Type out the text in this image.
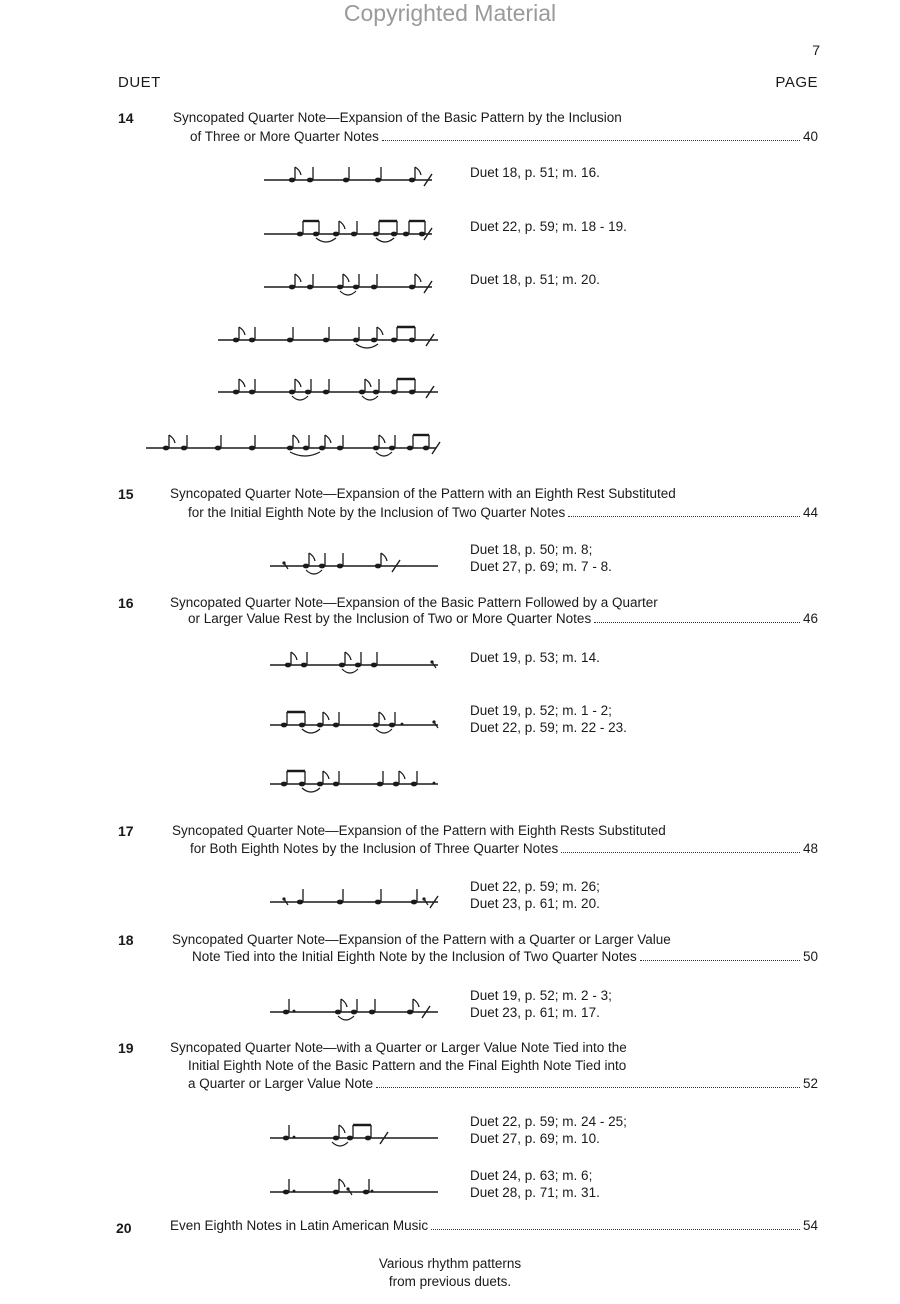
Copyrighted Material
7
DUET	PAGE
14	Syncopated Quarter Note—Expansion of the Basic Pattern by the Inclusion
of Three or More Quarter Notes	40
Duet 18, p. 51; m. 16.
Duet 22, p. 59; m. 18 - 19.
Duet 18, p. 51; m. 20.
15	Syncopated Quarter Note—Expansion of the Pattern with an Eighth Rest Substituted
for the Initial Eighth Note by the Inclusion of Two Quarter Notes	44
Duet 18, p. 50; m. 8;
Duet 27, p. 69; m. 7 - 8.
16	Syncopated Quarter Note—Expansion of the Basic Pattern Followed by a Quarter
or Larger Value Rest by the Inclusion of Two or More Quarter Notes	46
Duet 19, p. 53; m. 14.
Duet 19, p. 52; m. 1 - 2;
Duet 22, p. 59; m. 22 - 23.
17	Syncopated Quarter Note—Expansion of the Pattern with Eighth Rests Substituted
for Both Eighth Notes by the Inclusion of Three Quarter Notes	48
Duet 22, p. 59; m. 26;
Duet 23, p. 61; m. 20.
18	Syncopated Quarter Note—Expansion of the Pattern with a Quarter or Larger Value
Note Tied into the Initial Eighth Note by the Inclusion of Two Quarter Notes	50
Duet 19, p. 52; m. 2 - 3;
Duet 23, p. 61; m. 17.
19	Syncopated Quarter Note—with a Quarter or Larger Value Note Tied into the
Initial Eighth Note of the Basic Pattern and the Final Eighth Note Tied into
a Quarter or Larger Value Note	52
Duet 22, p. 59; m. 24 - 25;
Duet 27, p. 69; m. 10.
Duet 24, p. 63; m. 6;
Duet 28, p. 71; m. 31.
20	Even Eighth Notes in Latin American Music	54
Various rhythm patterns
from previous duets.
